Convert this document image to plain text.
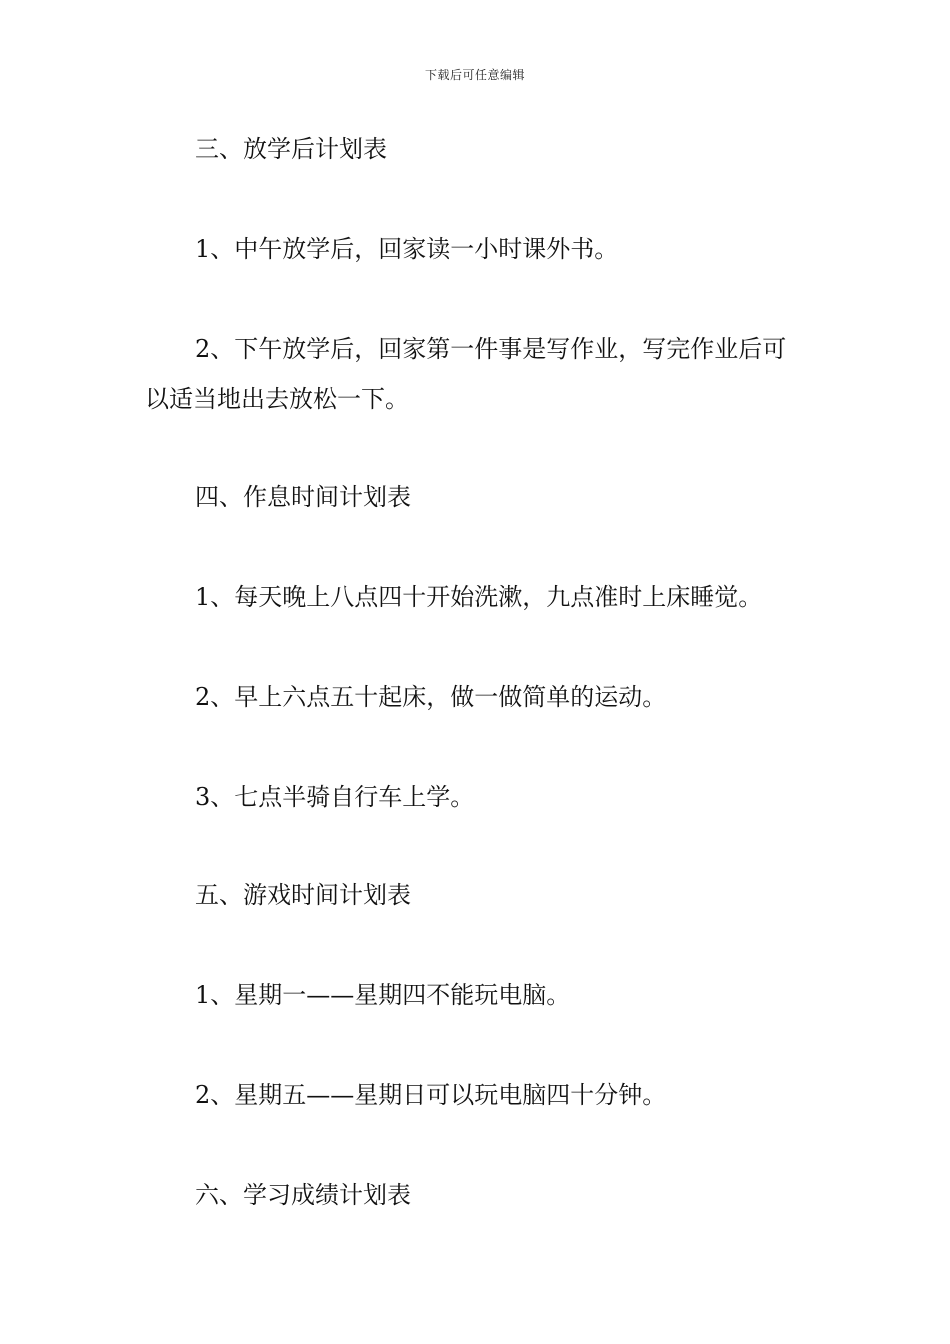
下载后可任意编辑

三、放学后计划表

1、中午放学后，回家读一小时课外书。

2、下午放学后，回家第一件事是写作业，写完作业后可以适当地出去放松一下。

四、作息时间计划表

1、每天晚上八点四十开始洗漱，九点准时上床睡觉。

2、早上六点五十起床，做一做简单的运动。

3、七点半骑自行车上学。

五、游戏时间计划表

1、星期一——星期四不能玩电脑。

2、星期五——星期日可以玩电脑四十分钟。

六、学习成绩计划表
